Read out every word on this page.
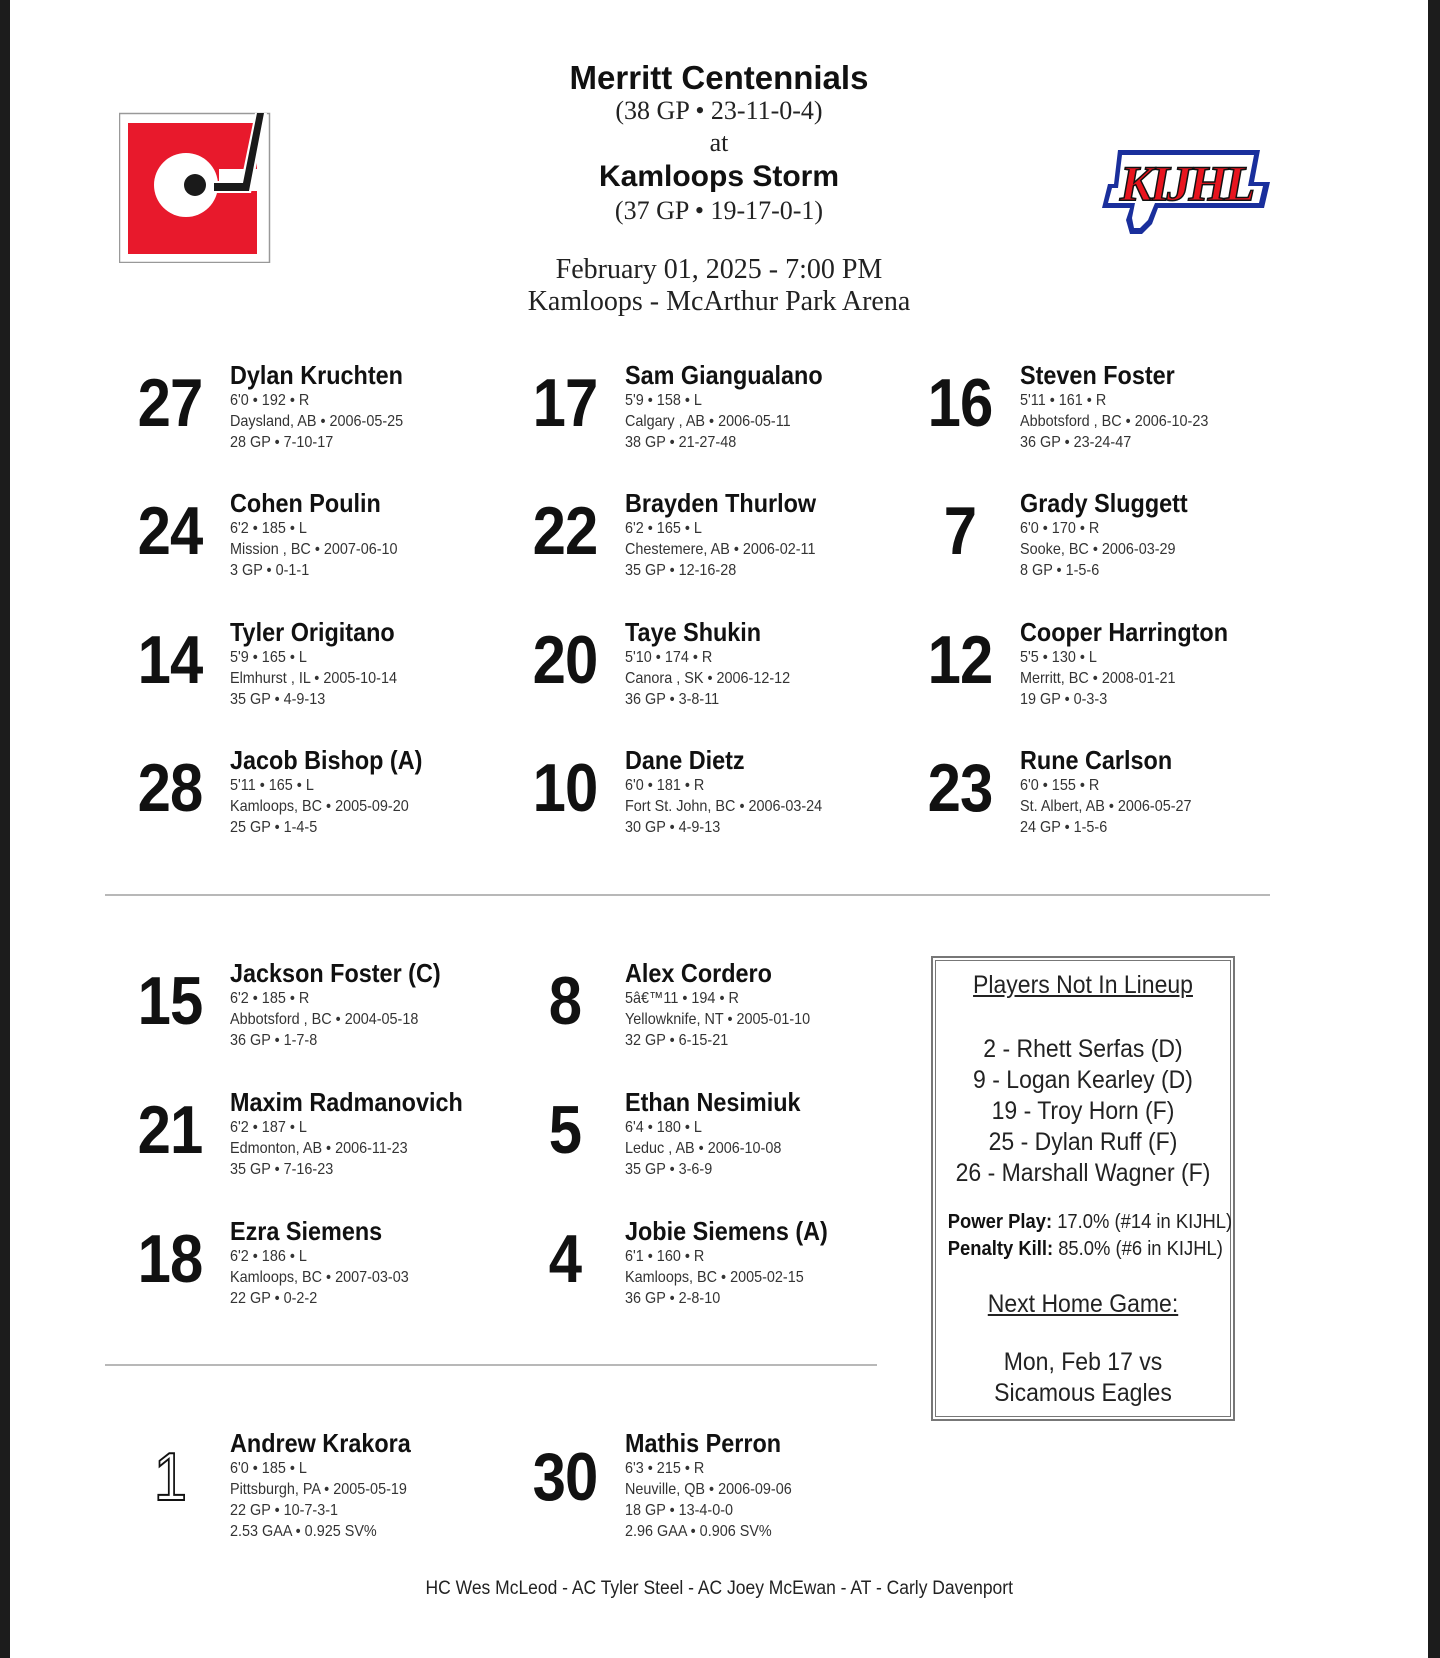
KIJHL
Merritt Centennials
(38 GP • 23-11-0-4)
at
Kamloops Storm
(37 GP • 19-17-0-1)
February 01, 2025 - 7:00 PM
Kamloops - McArthur Park Arena
27 Dylan Kruchten
6'0 • 192 • R
Daysland, AB • 2006-05-25
28 GP • 7-10-17
17 Sam Giangualano
5'9 • 158 • L
Calgary , AB • 2006-05-11
38 GP • 21-27-48
16 Steven Foster
5'11 • 161 • R
Abbotsford , BC • 2006-10-23
36 GP • 23-24-47
24 Cohen Poulin
6'2 • 185 • L
Mission , BC • 2007-06-10
3 GP • 0-1-1
22 Brayden Thurlow
6'2 • 165 • L
Chestemere, AB • 2006-02-11
35 GP • 12-16-28
7	Grady Sluggett
6'0 • 170 • R
Sooke, BC • 2006-03-29
8 GP • 1-5-6
14 Tyler Origitano
5'9 • 165 • L
Elmhurst , IL • 2005-10-14
35 GP • 4-9-13
20 Taye Shukin
5'10 • 174 • R
Canora , SK • 2006-12-12
36 GP • 3-8-11
12 Cooper Harrington
5'5 • 130 • L
Merritt, BC • 2008-01-21
19 GP • 0-3-3
28 Jacob Bishop (A)
5'11 • 165 • L
Kamloops, BC • 2005-09-20
25 GP • 1-4-5
10 Dane Dietz
6'0 • 181 • R
Fort St. John, BC • 2006-03-24
30 GP • 4-9-13
23 Rune Carlson
6'0 • 155 • R
St. Albert, AB • 2006-05-27
24 GP • 1-5-6
15 Jackson Foster (C)
6'2 • 185 • R
Abbotsford , BC • 2004-05-18
36 GP • 1-7-8
8	Alex Cordero
5â€™11 • 194 • R
Yellowknife, NT • 2005-01-10
32 GP • 6-15-21
21 Maxim Radmanovich
6'2 • 187 • L
Edmonton, AB • 2006-11-23
35 GP • 7-16-23
5	Ethan Nesimiuk
6'4 • 180 • L
Leduc , AB • 2006-10-08
35 GP • 3-6-9
18 Ezra Siemens
6'2 • 186 • L
Kamloops, BC • 2007-03-03
22 GP • 0-2-2
4	Jobie Siemens (A)
6'1 • 160 • R
Kamloops, BC • 2005-02-15
36 GP • 2-8-10
Players Not In Lineup
2 - Rhett Serfas (D)
9 - Logan Kearley (D)
19 - Troy Horn (F)
25 - Dylan Ruff (F)
26 - Marshall Wagner (F)
Power Play: 17.0% (#14 in KIJHL)
Penalty Kill: 85.0% (#6 in KIJHL)
Next Home Game:
Mon, Feb 17 vs
Sicamous Eagles
1	Andrew Krakora
6'0 • 185 • L
Pittsburgh, PA • 2005-05-19
22 GP • 10-7-3-1
2.53 GAA • 0.925 SV%
30 Mathis Perron
6'3 • 215 • R
Neuville, QB • 2006-09-06
18 GP • 13-4-0-0
2.96 GAA • 0.906 SV%
HC Wes McLeod - AC Tyler Steel - AC Joey McEwan - AT - Carly Davenport
